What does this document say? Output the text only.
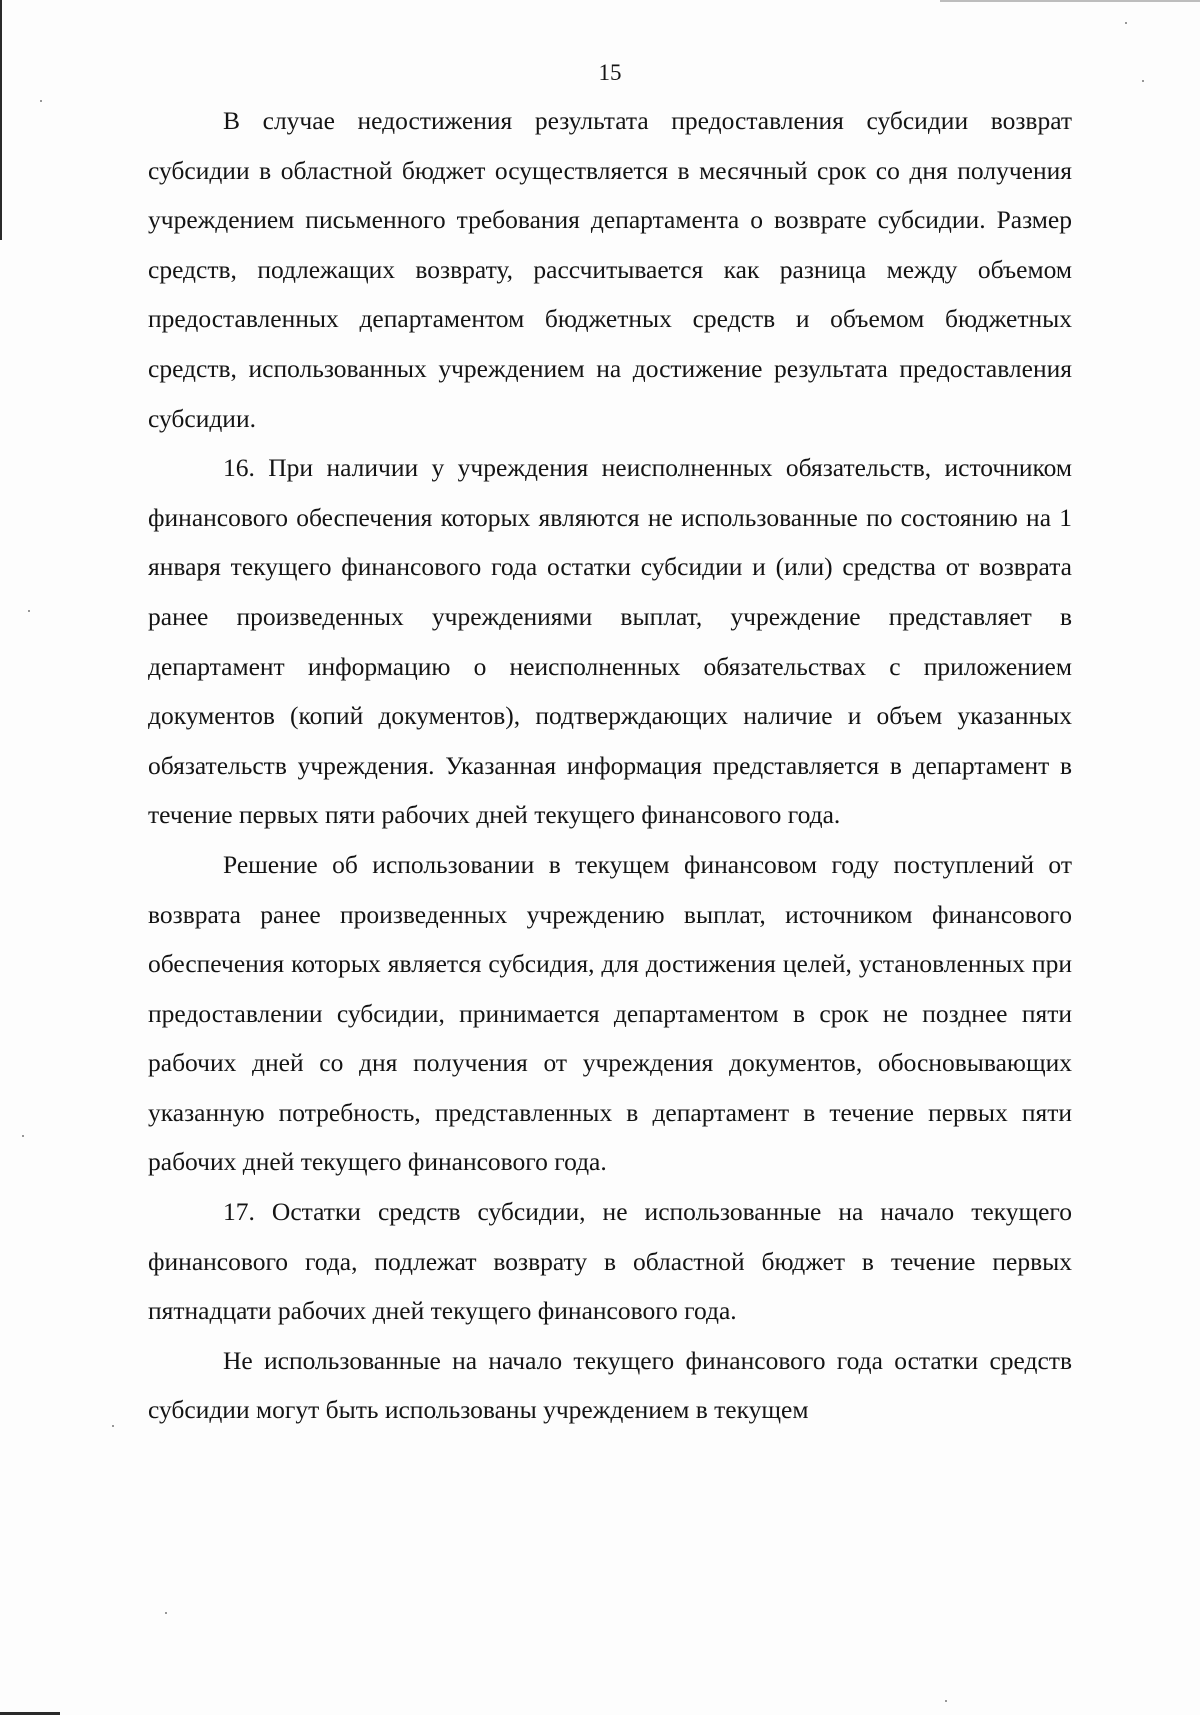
15

В случае недостижения результата предоставления субсидии возврат субсидии в областной бюджет осуществляется в месячный срок со дня получения учреждением письменного требования департамента о возврате субсидии. Размер средств, подлежащих возврату, рассчитывается как разница между объемом предоставленных департаментом бюджетных средств и объемом бюджетных средств, использованных учреждением на достижение результата предоставления субсидии.

16. При наличии у учреждения неисполненных обязательств, источником финансового обеспечения которых являются не использованные по состоянию на 1 января текущего финансового года остатки субсидии и (или) средства от возврата ранее произведенных учреждениями выплат, учреждение представляет в департамент информацию о неисполненных обязательствах с приложением документов (копий документов), подтверждающих наличие и объем указанных обязательств учреждения. Указанная информация представляется в департамент в течение первых пяти рабочих дней текущего финансового года.

Решение об использовании в текущем финансовом году поступлений от возврата ранее произведенных учреждению выплат, источником финансового обеспечения которых является субсидия, для достижения целей, установленных при предоставлении субсидии, принимается департаментом в срок не позднее пяти рабочих дней со дня получения от учреждения документов, обосновывающих указанную потребность, представленных в департамент в течение первых пяти рабочих дней текущего финансового года.

17. Остатки средств субсидии, не использованные на начало текущего финансового года, подлежат возврату в областной бюджет в течение первых пятнадцати рабочих дней текущего финансового года.

Не использованные на начало текущего финансового года остатки средств субсидии могут быть использованы учреждением в текущем
